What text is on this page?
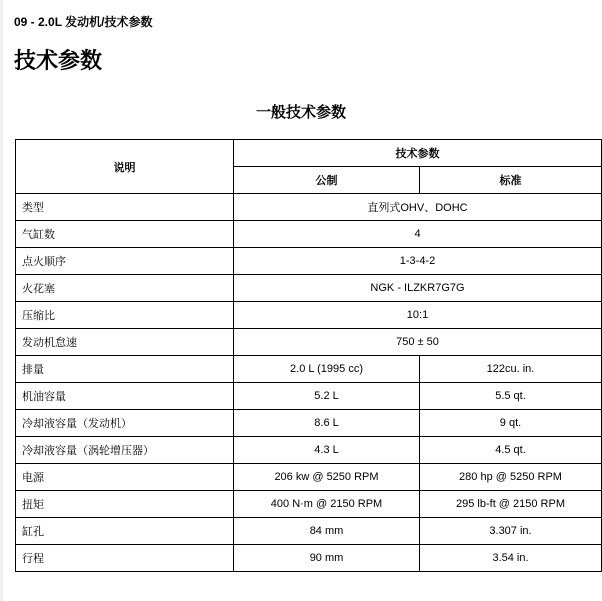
09 - 2.0L 发动机/技术参数
技术参数
一般技术参数
说明	技术参数	
	公制	标准
类型	直列式OHV、DOHC	
气缸数	4	
点火顺序	1-3-4-2	
火花塞	NGK - ILZKR7G7G	
压缩比	10:1	
发动机怠速	750 ± 50	
排量	2.0 L (1995 cc)	122cu. in.
机油容量	5.2 L	5.5 qt.
冷却液容量（发动机）	8.6 L	9 qt.
冷却液容量（涡轮增压器）	4.3 L	4.5 qt.
电源	206 kw @ 5250 RPM	280 hp @ 5250 RPM
扭矩	400 N·m @ 2150 RPM	295 lb-ft @ 2150 RPM
缸孔	84 mm	3.307 in.
行程	90 mm	3.54 in.
